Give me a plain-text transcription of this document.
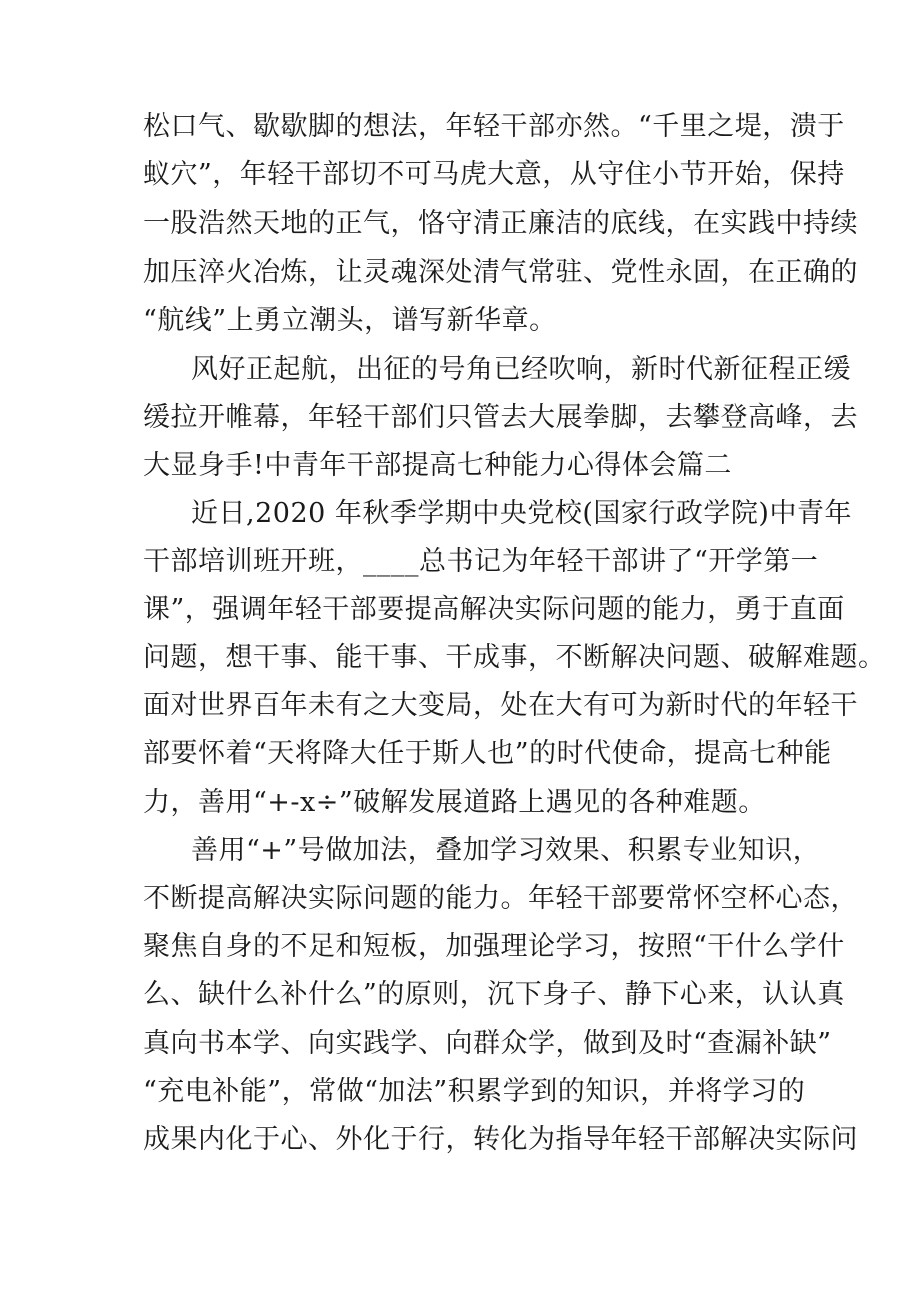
松口气、歇歇脚的想法，年轻干部亦然。“千里之堤，溃于
蚁穴”，年轻干部切不可马虎大意，从守住小节开始，保持
一股浩然天地的正气，恪守清正廉洁的底线，在实践中持续
加压淬火冶炼，让灵魂深处清气常驻、党性永固，在正确的
“航线”上勇立潮头，谱写新华章。
风好正起航，出征的号角已经吹响，新时代新征程正缓
缓拉开帷幕，年轻干部们只管去大展拳脚，去攀登高峰，去
大显身手!中青年干部提高七种能力心得体会篇二
近日,2020 年秋季学期中央党校(国家行政学院)中青年
干部培训班开班，____总书记为年轻干部讲了“开学第一
课”，强调年轻干部要提高解决实际问题的能力，勇于直面
问题，想干事、能干事、干成事，不断解决问题、破解难题。
面对世界百年未有之大变局，处在大有可为新时代的年轻干
部要怀着“天将降大任于斯人也”的时代使命，提高七种能
力，善用“+-x÷”破解发展道路上遇见的各种难题。
善用“+”号做加法，叠加学习效果、积累专业知识，
不断提高解决实际问题的能力。年轻干部要常怀空杯心态，
聚焦自身的不足和短板，加强理论学习，按照“干什么学什
么、缺什么补什么”的原则，沉下身子、静下心来，认认真
真向书本学、向实践学、向群众学，做到及时“查漏补缺”
“充电补能”，常做“加法”积累学到的知识，并将学习的
成果内化于心、外化于行，转化为指导年轻干部解决实际问
